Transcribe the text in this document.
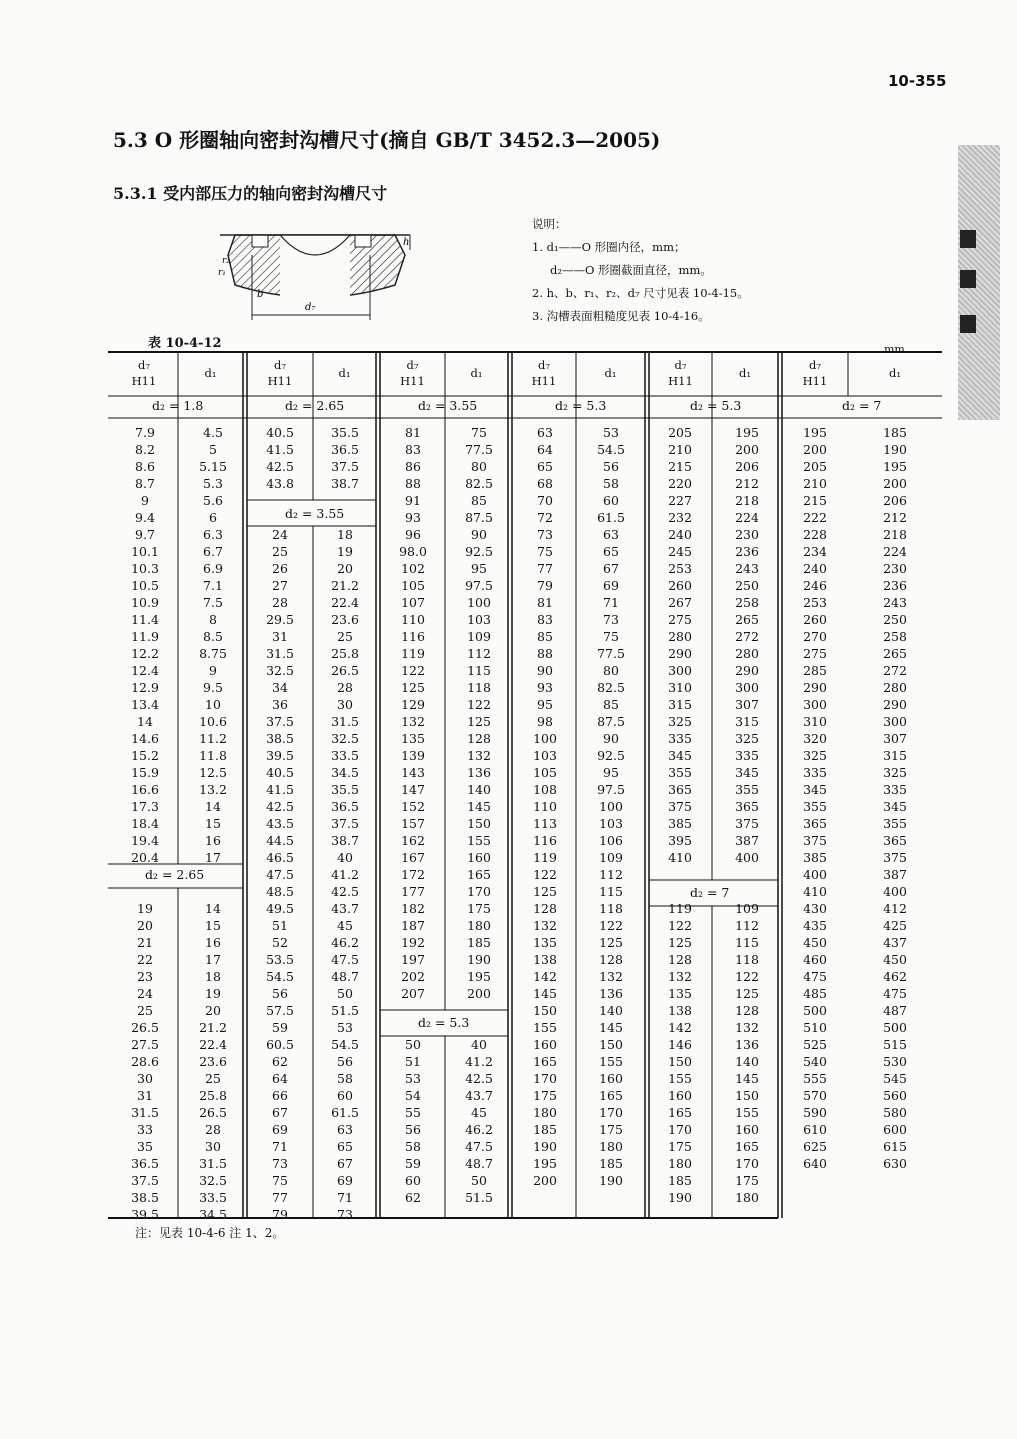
10-355
5.3 O 形圈轴向密封沟槽尺寸(摘自 GB/T 3452.3—2005)
5.3.1 受内部压力的轴向密封沟槽尺寸
h
r₂
r₁
b
d₇
说明：
1. d₁——O 形圈内径，mm；
d₂——O 形圈截面直径，mm。
2. h、b、r₁、r₂、d₇ 尺寸见表 10-4-15。
3. 沟槽表面粗糙度见表 10-4-16。
表 10-4-12	mm
d₇
H11
d₁
d₇
H11
d₁
d₇
H11
d₁
d₇
H11
d₁
d₇
H11
d₁
d₇
H11
d₁
d₂ = 1.8
d₂ = 2.65
d₂ = 2.65
d₂ = 3.55
d₂ = 3.55
d₂ = 5.3
d₂ = 5.3	d₂ = 5.3
d₂ = 7
d₂ = 7
7.9
8.2
8.6
8.7
9
9.4
9.7
10.1
10.3
10.5
10.9
11.4
11.9
12.2
12.4
12.9
13.4
14
14.6
15.2
15.9
16.6
17.3
18.4
19.4
20.4
19
20
21
22
23
24
25
26.5
27.5
28.6
30
31
31.5
33
35
36.5
37.5
38.5
39.5
4.5
5
5.15
5.3
5.6
6
6.3
6.7
6.9
7.1
7.5
8
8.5
8.75
9
9.5
10
10.6
11.2
11.8
12.5
13.2
14
15
16
17
14
15
16
17
18
19
20
21.2
22.4
23.6
25
25.8
26.5
28
30
31.5
32.5
33.5
34.5
40.5
41.5
42.5
43.8
24
25
26
27
28
29.5
31
31.5
32.5
34
36
37.5
38.5
39.5
40.5
41.5
42.5
43.5
44.5
46.5
47.5
48.5
49.5
51
52
53.5
54.5
56
57.5
59
60.5
62
64
66
67
69
71
73
75
77
79
35.5
36.5
37.5
38.7
18
19
20
21.2
22.4
23.6
25
25.8
26.5
28
30
31.5
32.5
33.5
34.5
35.5
36.5
37.5
38.7
40
41.2
42.5
43.7
45
46.2
47.5
48.7
50
51.5
53
54.5
56
58
60
61.5
63
65
67
69
71
73
81
83
86
88
91
93
96
98.0
102
105
107
110
116
119
122
125
129
132
135
139
143
147
152
157
162
167
172
177
182
187
192
197
202
207
50
51
53
54
55
56
58
59
60
62
75
77.5
80
82.5
85
87.5
90
92.5
95
97.5
100
103
109
112
115
118
122
125
128
132
136
140
145
150
155
160
165
170
175
180
185
190
195
200
40
41.2
42.5
43.7
45
46.2
47.5
48.7
50
51.5
63
64
65
68
70
72
73
75
77
79
81
83
85
88
90
93
95
98
100
103
105
108
110
113
116
119
122
125
128
132
135
138
142
145
150
155
160
165
170
175
180
185
190
195
200
53
54.5
56
58
60
61.5
63
65
67
69
71
73
75
77.5
80
82.5
85
87.5
90
92.5
95
97.5
100
103
106
109
112
115
118
122
125
128
132
136
140
145
150
155
160
165
170
175
180
185
190
205
210
215
220
227
232
240
245
253
260
267
275
280
290
300
310
315
325
335
345
355
365
375
385
395
410
119
122
125
128
132
135
138
142
146
150
155
160
165
170
175
180
185
190
195
200
206
212
218
224
230
236
243
250
258
265
272
280
290
300
307
315
325
335
345
355
365
375
387
400
109
112
115
118
122
125
128
132
136
140
145
150
155
160
165
170
175
180
195
200
205
210
215
222
228
234
240
246
253
260
270
275
285
290
300
310
320
325
335
345
355
365
375
385
400
410
430
435
450
460
475
485
500
510
525
540
555
570
590
610
625
640
185
190
195
200
206
212
218
224
230
236
243
250
258
265
272
280
290
300
307
315
325
335
345
355
365
375
387
400
412
425
437
450
462
475
487
500
515
530
545
560
580
600
615
630
注：见表 10-4-6 注 1、2。
